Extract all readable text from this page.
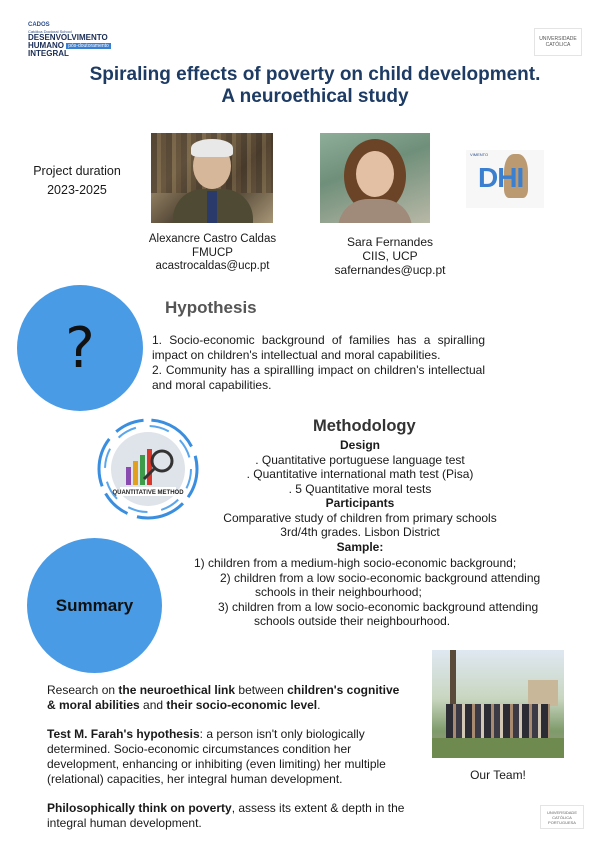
CADOS
Católica Doctoral School
DESENVOLVIMENTO
HUMANO pós-doutoramento
INTEGRAL
UNIVERSIDADE CATÓLICA
Spiraling effects of poverty on child development.
A neuroethical study
Project duration
2023-2025
VIMENTO
DHI
Alexancre Castro Caldas
FMUCP
acastrocaldas@ucp.pt
Sara Fernandes
CIIS, UCP
safernandes@ucp.pt
?
Hypothesis

1. Socio-economic background of families has a spiralling impact on children's intellectual and moral capabilities.

2. Community has a spirallling impact on children's intellectual and moral capabilities.

QUANTITATIVE METHOD
Methodology
Design
. Quantitative portuguese language test
. Quantitative international math test (Pisa)
. 5 Quantitative moral tests
Participants
Comparative study of children from primary schools
3rd/4th grades. Lisbon District
Sample:
1) children from a medium-high socio-economic background;
2) children from a low socio-economic background attending
schools in their neighbourhood;
3) children from a low socio-economic background attending
schools outside their neighbourhood.
Summary

Research on the neuroethical link between children's cognitive & moral abilities and their socio-economic level.

Test M. Farah's hypothesis: a person isn't only biologically determined. Socio-economic circumstances condition her development, enhancing or inhibiting (even limiting) her multiple (relational) capacities, her integral human development.

Philosophically think on poverty, assess its extent & depth in the integral human development.

Our Team!
UNIVERSIDADE CATÓLICA PORTUGUESA
